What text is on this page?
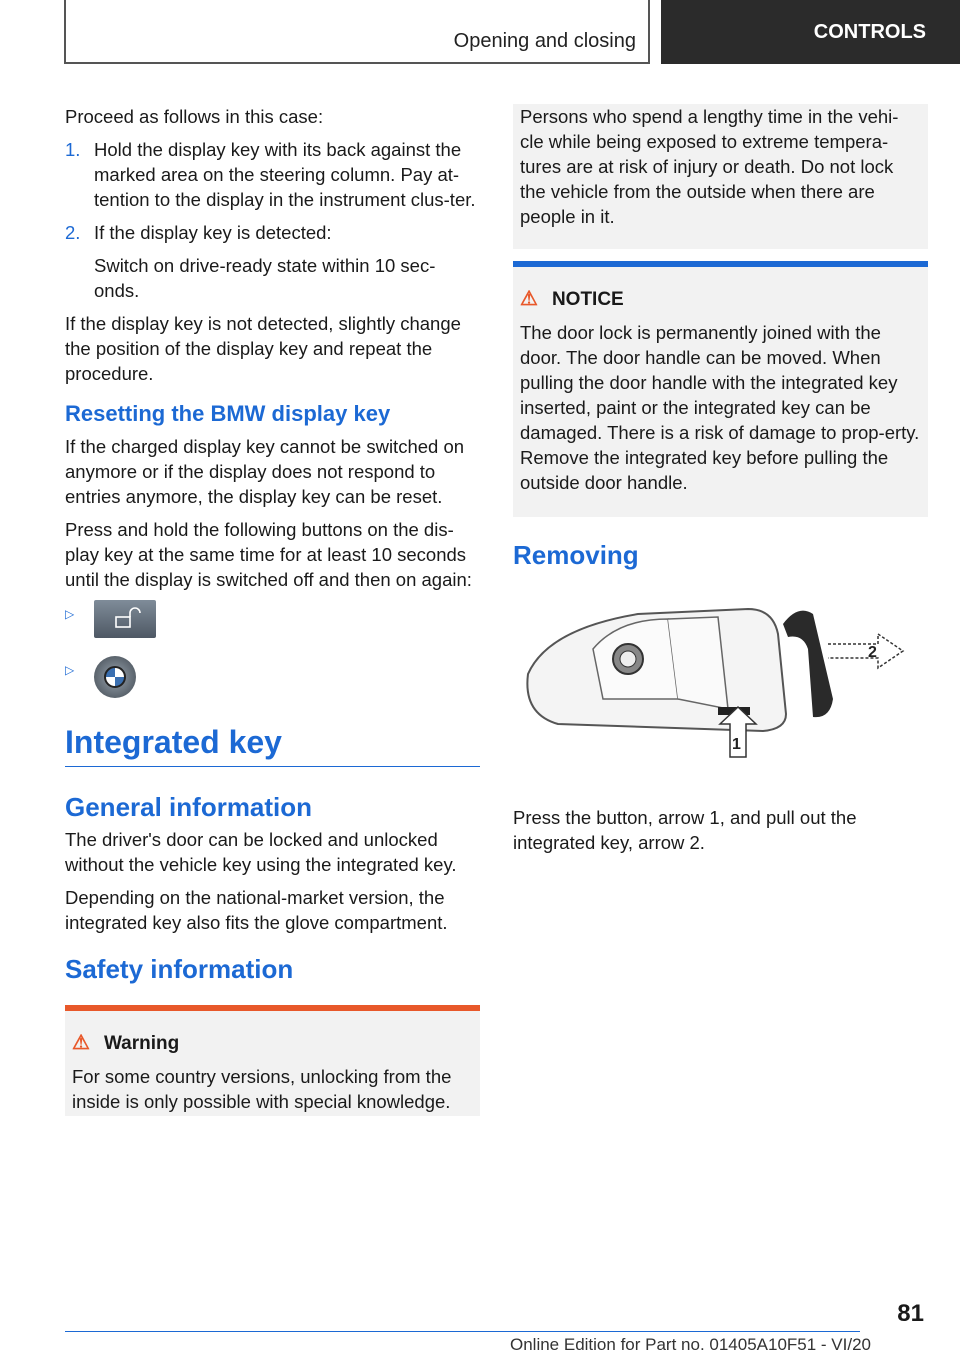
Opening and closing	CONTROLS

Proceed as follows in this case:

1. Hold the display key with its back against the marked area on the steering column. Pay at-tention to the display in the instrument clus-ter.
2. If the display key is detected:

Switch on drive-ready state within 10 sec-onds.

If the display key is not detected, slightly change the position of the display key and repeat the procedure.

Resetting the BMW display key

If the charged display key cannot be switched on anymore or if the display does not respond to entries anymore, the display key can be reset.

Press and hold the following buttons on the dis-play key at the same time for at least 10 seconds until the display is switched off and then on again:

▷
▷
Integrated key
General information

The driver's door can be locked and unlocked without the vehicle key using the integrated key.

Depending on the national-market version, the integrated key also fits the glove compartment.

Safety information
⚠ Warning
For some country versions, unlocking from the inside is only possible with special knowledge.
Persons who spend a lengthy time in the vehi-cle while being exposed to extreme tempera-tures are at risk of injury or death. Do not lock the vehicle from the outside when there are people in it.
⚠ NOTICE
The door lock is permanently joined with the door. The door handle can be moved. When pulling the door handle with the integrated key inserted, paint or the integrated key can be damaged. There is a risk of damage to prop-erty. Remove the integrated key before pulling the outside door handle.
Removing
2
1

Press the button, arrow 1, and pull out the integrated key, arrow 2.

81
Online Edition for Part no. 01405A10F51 - VI/20
